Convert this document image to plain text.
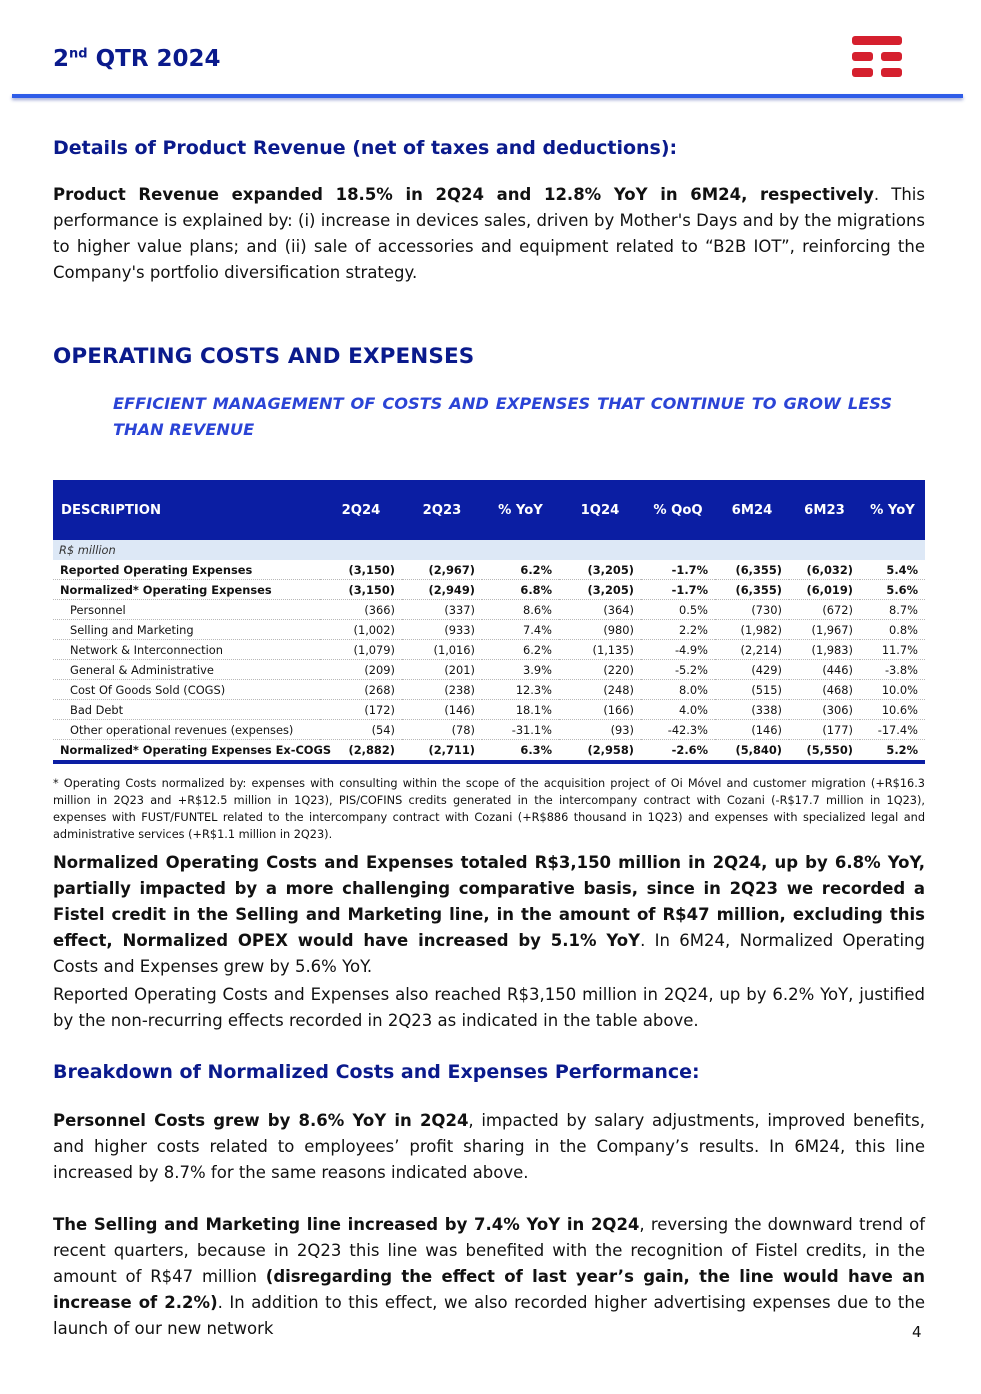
2nd QTR 2024
Details of Product Revenue (net of taxes and deductions):

Product Revenue expanded 18.5% in 2Q24 and 12.8% YoY in 6M24, respectively. This performance is explained by: (i) increase in devices sales, driven by Mother's Days and by the migrations to higher value plans; and (ii) sale of accessories and equipment related to “B2B IOT”, reinforcing the Company's portfolio diversification strategy.

OPERATING COSTS AND EXPENSES

EFFICIENT MANAGEMENT OF COSTS AND EXPENSES THAT CONTINUE TO GROW LESS THAN REVENUE

DESCRIPTION	2Q24	2Q23	% YoY	1Q24	% QoQ	6M24	6M23	% YoY
R$ million								
Reported Operating Expenses	(3,150)	(2,967)	6.2%	(3,205)	-1.7%	(6,355)	(6,032)	5.4%
Normalized* Operating Expenses	(3,150)	(2,949)	6.8%	(3,205)	-1.7%	(6,355)	(6,019)	5.6%
Personnel	(366)	(337)	8.6%	(364)	0.5%	(730)	(672)	8.7%
Selling and Marketing	(1,002)	(933)	7.4%	(980)	2.2%	(1,982)	(1,967)	0.8%
Network & Interconnection	(1,079)	(1,016)	6.2%	(1,135)	-4.9%	(2,214)	(1,983)	11.7%
General & Administrative	(209)	(201)	3.9%	(220)	-5.2%	(429)	(446)	-3.8%
Cost Of Goods Sold (COGS)	(268)	(238)	12.3%	(248)	8.0%	(515)	(468)	10.0%
Bad Debt	(172)	(146)	18.1%	(166)	4.0%	(338)	(306)	10.6%
Other operational revenues (expenses)	(54)	(78)	-31.1%	(93)	-42.3%	(146)	(177)	-17.4%
Normalized* Operating Expenses Ex-COGS	(2,882)	(2,711)	6.3%	(2,958)	-2.6%	(5,840)	(5,550)	5.2%

* Operating Costs normalized by: expenses with consulting within the scope of the acquisition project of Oi Móvel and customer migration (+R$16.3 million in 2Q23 and +R$12.5 million in 1Q23), PIS/COFINS credits generated in the intercompany contract with Cozani (-R$17.7 million in 1Q23), expenses with FUST/FUNTEL related to the intercompany contract with Cozani (+R$886 thousand in 1Q23) and expenses with specialized legal and administrative services (+R$1.1 million in 2Q23).

Normalized Operating Costs and Expenses totaled R$3,150 million in 2Q24, up by 6.8% YoY, partially impacted by a more challenging comparative basis, since in 2Q23 we recorded a Fistel credit in the Selling and Marketing line, in the amount of R$47 million, excluding this effect, Normalized OPEX would have increased by 5.1% YoY. In 6M24, Normalized Operating Costs and Expenses grew by 5.6% YoY.

Reported Operating Costs and Expenses also reached R$3,150 million in 2Q24, up by 6.2% YoY, justified by the non-recurring effects recorded in 2Q23 as indicated in the table above.

Breakdown of Normalized Costs and Expenses Performance:

Personnel Costs grew by 8.6% YoY in 2Q24, impacted by salary adjustments, improved benefits, and higher costs related to employees’ profit sharing in the Company’s results. In 6M24, this line increased by 8.7% for the same reasons indicated above.

The Selling and Marketing line increased by 7.4% YoY in 2Q24, reversing the downward trend of recent quarters, because in 2Q23 this line was benefited with the recognition of Fistel credits, in the amount of R$47 million (disregarding the effect of last year’s gain, the line would have an increase of 2.2%). In addition to this effect, we also recorded higher advertising expenses due to the launch of our new network	4
